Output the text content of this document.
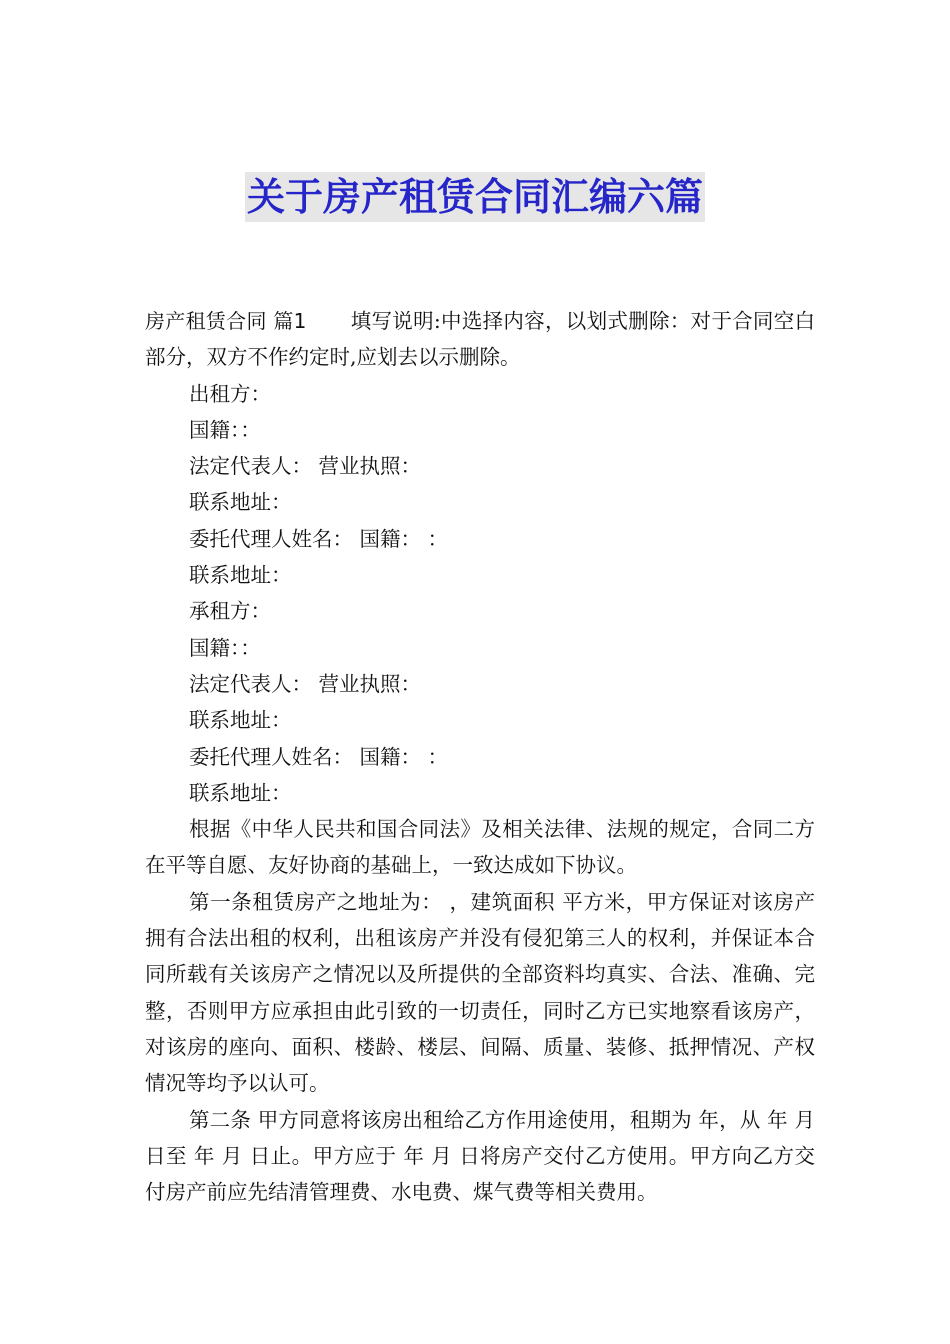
关于房产租赁合同汇编六篇

房产租赁合同 篇1 填写说明:中选择内容，以划式删除：对于合同空白部分，双方不作约定时,应划去以示删除。

出租方：

国籍：：

法定代表人： 营业执照：

联系地址：

委托代理人姓名： 国籍： ：

联系地址：

承租方：

国籍：：

法定代表人： 营业执照：

联系地址：

委托代理人姓名： 国籍： ：

联系地址：

根据《中华人民共和国合同法》及相关法律、法规的规定，合同二方在平等自愿、友好协商的基础上，一致达成如下协议。

第一条租赁房产之地址为： ，建筑面积 平方米，甲方保证对该房产拥有合法出租的权利，出租该房产并没有侵犯第三人的权利，并保证本合同所载有关该房产之情况以及所提供的全部资料均真实、合法、准确、完整，否则甲方应承担由此引致的一切责任，同时乙方已实地察看该房产，对该房的座向、面积、楼龄、楼层、间隔、质量、装修、抵押情况、产权情况等均予以认可。

第二条 甲方同意将该房出租给乙方作用途使用，租期为 年，从 年 月 日至 年 月 日止。甲方应于 年 月 日将房产交付乙方使用。甲方向乙方交付房产前应先结清管理费、水电费、煤气费等相关费用。
